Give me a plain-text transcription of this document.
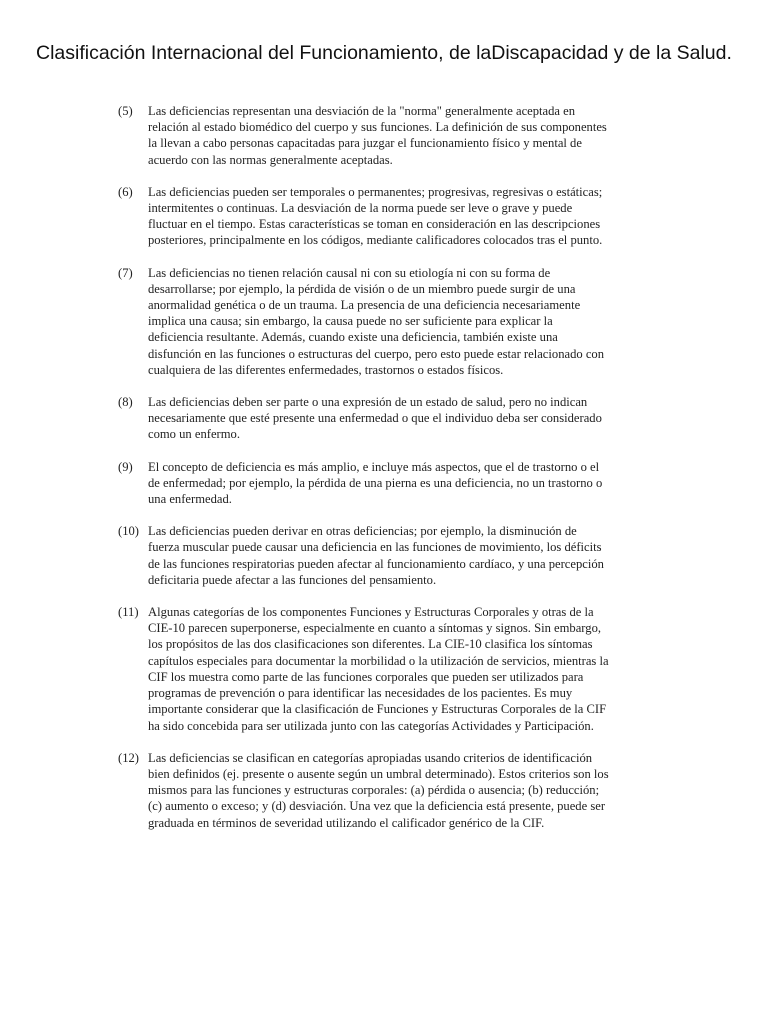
Clasificación Internacional del Funcionamiento, de laDiscapacidad y de la Salud.
(5)	Las deficiencias representan una desviación de la "norma" generalmente aceptada en relación al estado biomédico del cuerpo y sus funciones. La definición de sus componentes la llevan a cabo personas capacitadas para juzgar el funcionamiento físico y mental de acuerdo con las normas generalmente aceptadas.
(6)	Las deficiencias pueden ser temporales o permanentes; progresivas, regresivas o estáticas; intermitentes o continuas. La desviación de la norma puede ser leve o grave y puede fluctuar en el tiempo. Estas características se toman en consideración en las descripciones posteriores, principalmente en los códigos, mediante calificadores colocados tras el punto.
(7)	Las deficiencias no tienen relación causal ni con su etiología ni con su forma de desarrollarse; por ejemplo, la pérdida de visión o de un miembro puede surgir de una anormalidad genética o de un trauma. La presencia de una deficiencia necesariamente implica una causa; sin embargo, la causa puede no ser suficiente para explicar la deficiencia resultante. Además, cuando existe una deficiencia, también existe una disfunción en las funciones o estructuras del cuerpo, pero esto puede estar relacionado con cualquiera de las diferentes enfermedades, trastornos o estados físicos.
(8)	Las deficiencias deben ser parte o una expresión de un estado de salud, pero no indican necesariamente que esté presente una enfermedad o que el individuo deba ser considerado como un enfermo.
(9)	El concepto de deficiencia es más amplio, e incluye más aspectos, que el de trastorno o el de enfermedad; por ejemplo, la pérdida de una pierna es una deficiencia, no un trastorno o una enfermedad.
(10) Las deficiencias pueden derivar en otras deficiencias; por ejemplo, la disminución de fuerza muscular puede causar una deficiencia en las funciones de movimiento, los déficits de las funciones respiratorias pueden afectar al funcionamiento cardíaco, y una percepción deficitaria puede afectar a las funciones del pensamiento.
(11) Algunas categorías de los componentes Funciones y Estructuras Corporales y otras de la CIE-10 parecen superponerse, especialmente en cuanto a síntomas y signos. Sin embargo, los propósitos de las dos clasificaciones son diferentes. La CIE-10 clasifica los síntomas capítulos especiales para documentar la morbilidad o la utilización de servicios, mientras la CIF los muestra como parte de las funciones corporales que pueden ser utilizados para programas de prevención o para identificar las necesidades de los pacientes. Es muy importante considerar que la clasificación de Funciones y Estructuras Corporales de la CIF ha sido concebida para ser utilizada junto con las categorías Actividades y Participación.
(12) Las deficiencias se clasifican en categorías apropiadas usando criterios de identificación bien definidos (ej. presente o ausente según un umbral determinado). Estos criterios son los mismos para las funciones y estructuras corporales: (a) pérdida o ausencia; (b) reducción; (c) aumento o exceso; y (d) desviación. Una vez que la deficiencia está presente, puede ser graduada en términos de severidad utilizando el calificador genérico de la CIF.
